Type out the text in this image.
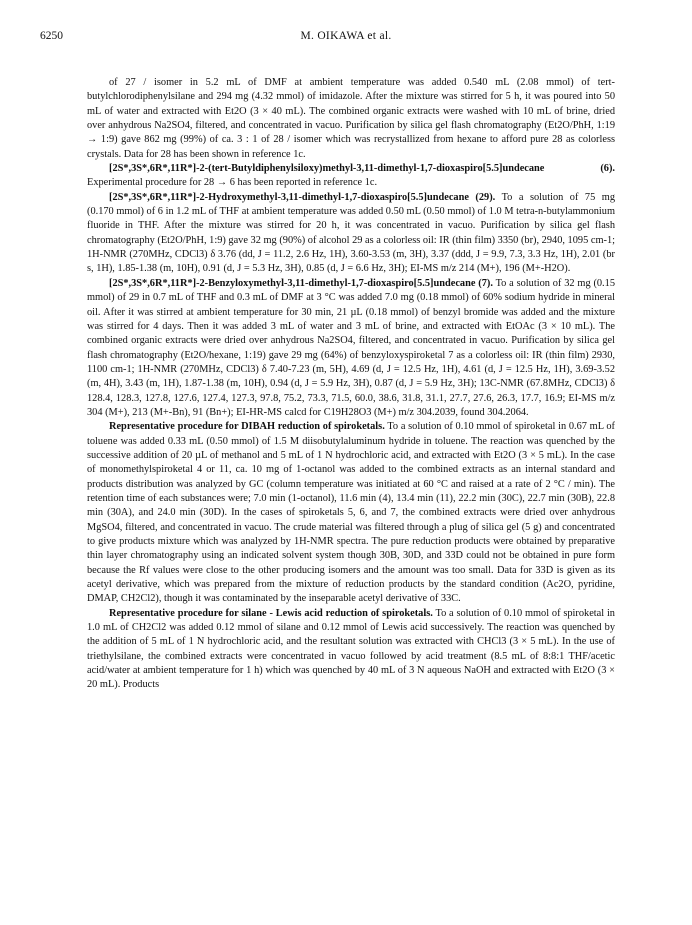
6250	M. OIKAWA et al.

of 27 / isomer in 5.2 mL of DMF at ambient temperature was added 0.540 mL (2.08 mmol) of tert-butylchlorodiphenylsilane and 294 mg (4.32 mmol) of imidazole. After the mixture was stirred for 5 h, it was poured into 50 mL of water and extracted with Et2O (3 × 40 mL). The combined organic extracts were washed with 10 mL of brine, dried over anhydrous Na2SO4, filtered, and concentrated in vacuo. Purification by silica gel flash chromatography (Et2O/PhH, 1:19 → 1:9) gave 862 mg (99%) of ca. 3 : 1 of 28 / isomer which was recrystallized from hexane to afford pure 28 as colorless crystals. Data for 28 has been shown in reference 1c.

[2S*,3S*,6R*,11R*]-2-(tert-Butyldiphenylsiloxy)methyl-3,11-dimethyl-1,7-dioxaspiro[5.5]undecane (6). Experimental procedure for 28 → 6 has been reported in reference 1c.

[2S*,3S*,6R*,11R*]-2-Hydroxymethyl-3,11-dimethyl-1,7-dioxaspiro[5.5]undecane (29). To a solution of 75 mg (0.170 mmol) of 6 in 1.2 mL of THF at ambient temperature was added 0.50 mL (0.50 mmol) of 1.0 M tetra-n-butylammonium fluoride in THF. After the mixture was stirred for 20 h, it was concentrated in vacuo. Purification by silica gel flash chromatography (Et2O/PhH, 1:9) gave 32 mg (90%) of alcohol 29 as a colorless oil: IR (thin film) 3350 (br), 2940, 1095 cm-1; 1H-NMR (270MHz, CDCl3) δ 3.76 (dd, J = 11.2, 2.6 Hz, 1H), 3.60-3.53 (m, 3H), 3.37 (ddd, J = 9.9, 7.3, 3.3 Hz, 1H), 2.01 (br s, 1H), 1.85-1.38 (m, 10H), 0.91 (d, J = 5.3 Hz, 3H), 0.85 (d, J = 6.6 Hz, 3H); EI-MS m/z 214 (M+), 196 (M+-H2O).

[2S*,3S*,6R*,11R*]-2-Benzyloxymethyl-3,11-dimethyl-1,7-dioxaspiro[5.5]undecane (7). To a solution of 32 mg (0.15 mmol) of 29 in 0.7 mL of THF and 0.3 mL of DMF at 3 °C was added 7.0 mg (0.18 mmol) of 60% sodium hydride in mineral oil. After it was stirred at ambient temperature for 30 min, 21 µL (0.18 mmol) of benzyl bromide was added and the mixture was stirred for 4 days. Then it was added 3 mL of water and 3 mL of brine, and extracted with EtOAc (3 × 10 mL). The combined organic extracts were dried over anhydrous Na2SO4, filtered, and concentrated in vacuo. Purification by silica gel flash chromatography (Et2O/hexane, 1:19) gave 29 mg (64%) of benzyloxyspiroketal 7 as a colorless oil: IR (thin film) 2930, 1100 cm-1; 1H-NMR (270MHz, CDCl3) δ 7.40-7.23 (m, 5H), 4.69 (d, J = 12.5 Hz, 1H), 4.61 (d, J = 12.5 Hz, 1H), 3.69-3.52 (m, 4H), 3.43 (m, 1H), 1.87-1.38 (m, 10H), 0.94 (d, J = 5.9 Hz, 3H), 0.87 (d, J = 5.9 Hz, 3H); 13C-NMR (67.8MHz, CDCl3) δ 128.4, 128.3, 127.8, 127.6, 127.4, 127.3, 97.8, 75.2, 73.3, 71.5, 60.0, 38.6, 31.8, 31.1, 27.7, 27.6, 26.3, 17.7, 16.9; EI-MS m/z 304 (M+), 213 (M+-Bn), 91 (Bn+); EI-HR-MS calcd for C19H28O3 (M+) m/z 304.2039, found 304.2064.

Representative procedure for DIBAH reduction of spiroketals. To a solution of 0.10 mmol of spiroketal in 0.67 mL of toluene was added 0.33 mL (0.50 mmol) of 1.5 M diisobutylaluminum hydride in toluene. The reaction was quenched by the successive addition of 20 µL of methanol and 5 mL of 1 N hydrochloric acid, and extracted with Et2O (3 × 5 mL). In the case of monomethylspiroketal 4 or 11, ca. 10 mg of 1-octanol was added to the combined extracts as an internal standard and products distribution was analyzed by GC (column temperature was initiated at 60 °C and raised at a rate of 2 °C / min). The retention time of each substances were; 7.0 min (1-octanol), 11.6 min (4), 13.4 min (11), 22.2 min (30C), 22.7 min (30B), 22.8 min (30A), and 24.0 min (30D). In the cases of spiroketals 5, 6, and 7, the combined extracts were dried over anhydrous MgSO4, filtered, and concentrated in vacuo. The crude material was filtered through a plug of silica gel (5 g) and concentrated to give products mixture which was analyzed by 1H-NMR spectra. The pure reduction products were obtained by preparative thin layer chromatography using an indicated solvent system though 30B, 30D, and 33D could not be obtained in pure form because the Rf values were close to the other producing isomers and the amount was too small. Data for 33D is given as its acetyl derivative, which was prepared from the mixture of reduction products by the standard condition (Ac2O, pyridine, DMAP, CH2Cl2), though it was contaminated by the inseparable acetyl derivative of 33C.

Representative procedure for silane - Lewis acid reduction of spiroketals. To a solution of 0.10 mmol of spiroketal in 1.0 mL of CH2Cl2 was added 0.12 mmol of silane and 0.12 mmol of Lewis acid successively. The reaction was quenched by the addition of 5 mL of 1 N hydrochloric acid, and the resultant solution was extracted with CHCl3 (3 × 5 mL). In the use of triethylsilane, the combined extracts were concentrated in vacuo followed by acid treatment (8.5 mL of 8:8:1 THF/acetic acid/water at ambient temperature for 1 h) which was quenched by 40 mL of 3 N aqueous NaOH and extracted with Et2O (3 × 20 mL). Products
